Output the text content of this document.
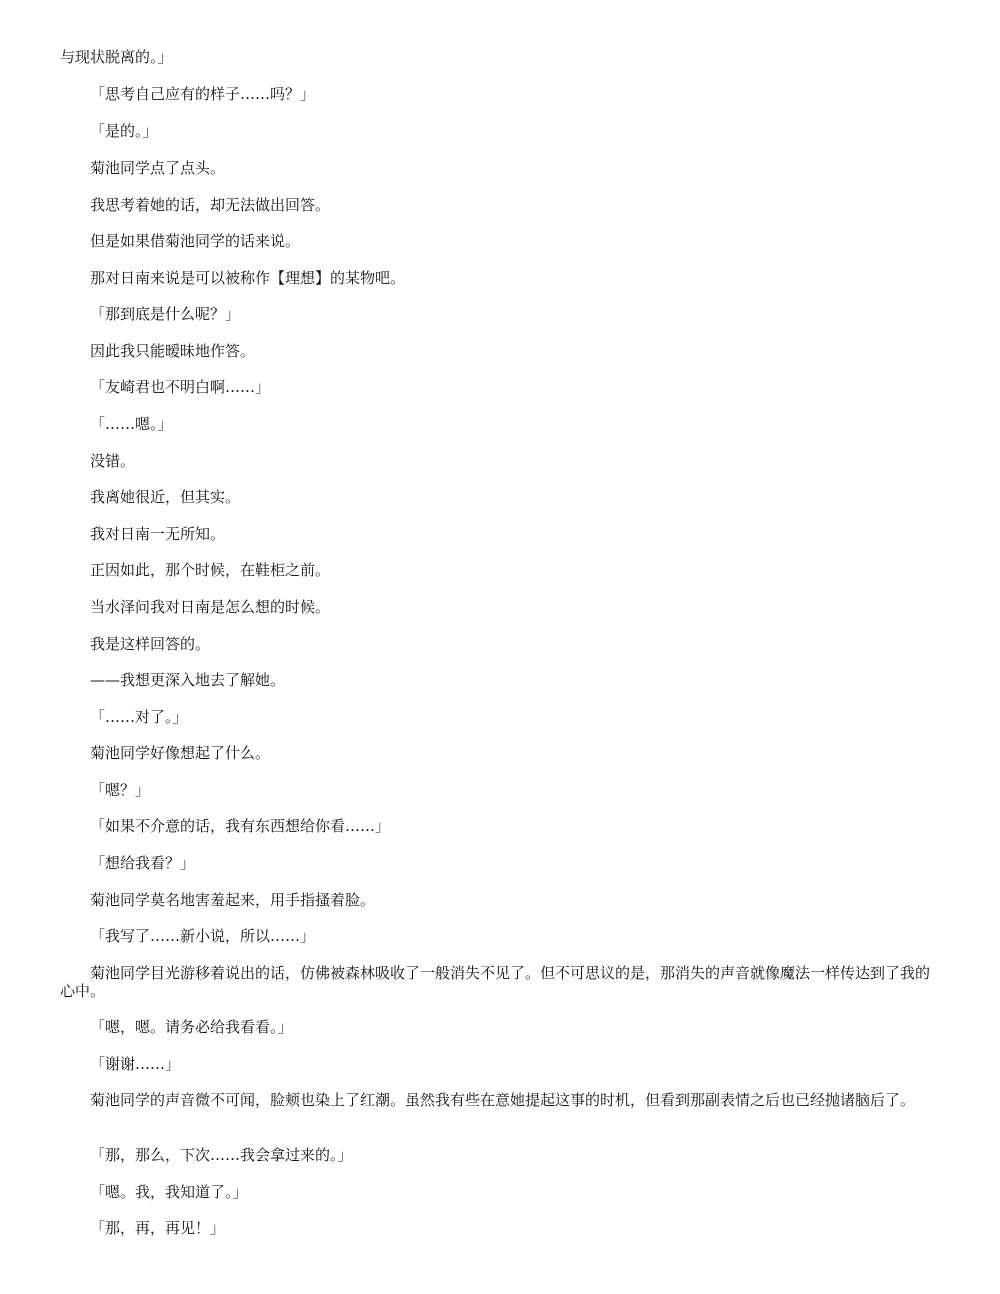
与现状脱离的。」

「思考自己应有的样子……吗？」

「是的。」

菊池同学点了点头。

我思考着她的话，却无法做出回答。

但是如果借菊池同学的话来说。

那对日南来说是可以被称作【理想】的某物吧。

「那到底是什么呢？」

因此我只能暧昧地作答。

「友崎君也不明白啊……」

「……嗯。」

没错。

我离她很近，但其实。

我对日南一无所知。

正因如此，那个时候，在鞋柜之前。

当水泽问我对日南是怎么想的时候。

我是这样回答的。

——我想更深入地去了解她。

「……对了。」

菊池同学好像想起了什么。

「嗯？」

「如果不介意的话，我有东西想给你看……」

「想给我看？」

菊池同学莫名地害羞起来，用手指搔着脸。

「我写了……新小说，所以……」

菊池同学目光游移着说出的话，仿佛被森林吸收了一般消失不见了。但不可思议的是，那消失的声音就像魔法一样传达到了我的心中。

「嗯，嗯。请务必给我看看。」

「谢谢……」

菊池同学的声音微不可闻，脸颊也染上了红潮。虽然我有些在意她提起这事的时机，但看到那副表情之后也已经抛诸脑后了。

「那，那么，下次……我会拿过来的。」

「嗯。我，我知道了。」

「那，再，再见！」
